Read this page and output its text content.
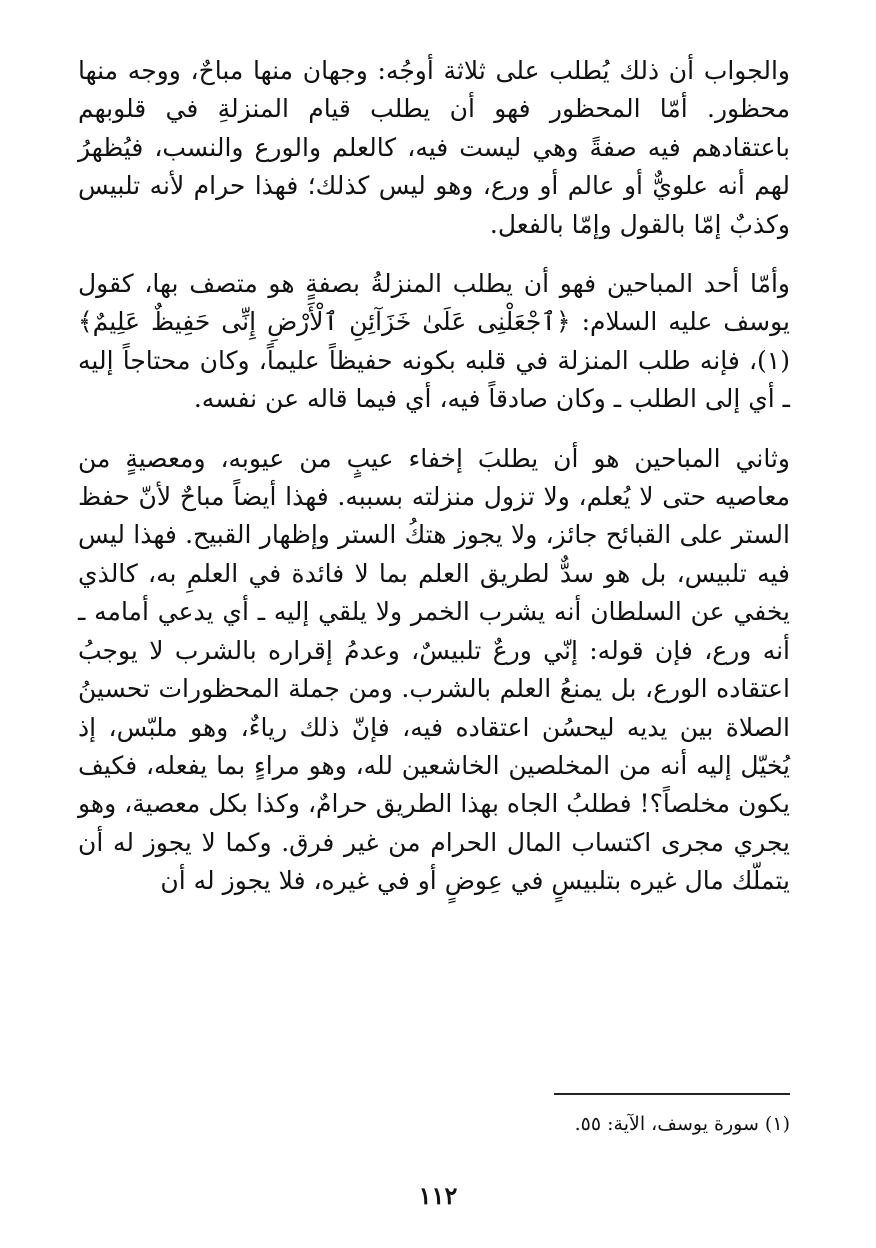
والجواب أن ذلك يُطلب على ثلاثة أوجُه: وجهان منها مباحٌ، ووجه منها محظور. أمّا المحظور فهو أن يطلب قيام المنزلةِ في قلوبهم باعتقادهم فيه صفةً وهي ليست فيه، كالعلم والورع والنسب، فيُظهرُ لهم أنه علويٌّ أو عالم أو ورع، وهو ليس كذلك؛ فهذا حرام لأنه تلبيس وكذبٌ إمّا بالقول وإمّا بالفعل.

وأمّا أحد المباحين فهو أن يطلب المنزلةُ بصفةٍ هو متصف بها، كقول يوسف عليه السلام: ﴿ٱجْعَلْنِى عَلَىٰ خَزَآئِنِ ٱلْأَرْضِ إِنِّى حَفِيظٌ عَلِيمٌ﴾(١)، فإنه طلب المنزلة في قلبه بكونه حفيظاً عليماً، وكان محتاجاً إليه ـ أي إلى الطلب ـ وكان صادقاً فيه، أي فيما قاله عن نفسه.

وثاني المباحين هو أن يطلبَ إخفاء عيبٍ من عيوبه، ومعصيةٍ من معاصيه حتى لا يُعلم، ولا تزول منزلته بسببه. فهذا أيضاً مباحٌ لأنّ حفظ الستر على القبائح جائز، ولا يجوز هتكُ الستر وإظهار القبيح. فهذا ليس فيه تلبيس، بل هو سدٌّ لطريق العلم بما لا فائدة في العلمِ به، كالذي يخفي عن السلطان أنه يشرب الخمر ولا يلقي إليه ـ أي يدعي أمامه ـ أنه ورع، فإن قوله: إنّي ورعٌ تلبيسٌ، وعدمُ إقراره بالشرب لا يوجبُ اعتقاده الورع، بل يمنعُ العلم بالشرب. ومن جملة المحظورات تحسينُ الصلاة بين يديه ليحسُن اعتقاده فيه، فإنّ ذلك رياءٌ، وهو ملبّس، إذ يُخيّل إليه أنه من المخلصين الخاشعين لله، وهو مراءٍ بما يفعله، فكيف يكون مخلصاً؟! فطلبُ الجاه بهذا الطريق حرامٌ، وكذا بكل معصية، وهو يجري مجرى اكتساب المال الحرام من غير فرق. وكما لا يجوز له أن يتملّك مال غيره بتلبيسٍ في عِوضٍ أو في غيره، فلا يجوز له أن

(١) سورة يوسف، الآية: ٥٥.
١١٢
